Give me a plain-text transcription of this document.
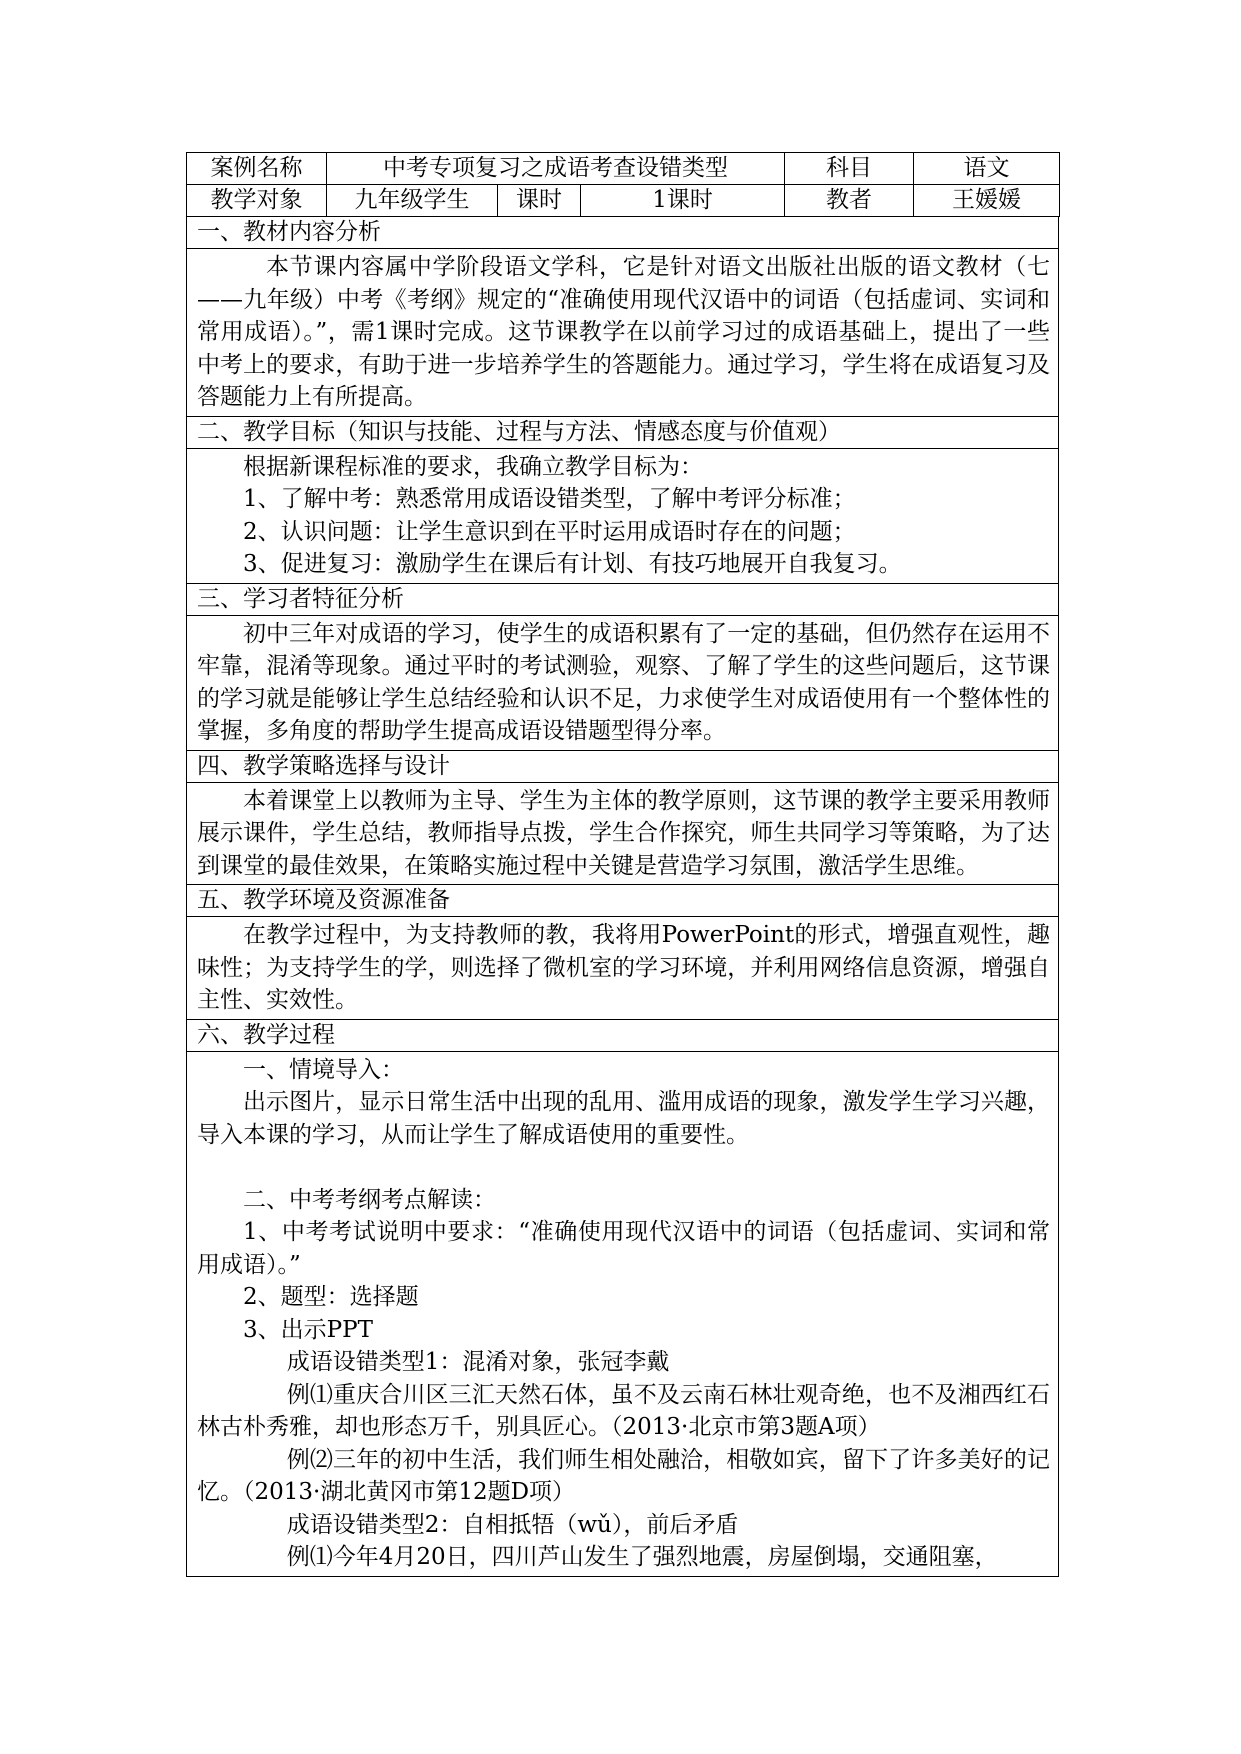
案例名称	中考专项复习之成语考查设错类型			科目	语文
教学对象	九年级学生	课时	1课时	教者	王媛媛
一、教材内容分析

本节课内容属中学阶段语文学科，它是针对语文出版社出版的语文教材（七——九年级）中考《考纲》规定的“准确使用现代汉语中的词语（包括虚词、实词和常用成语）。”，需1课时完成。这节课教学在以前学习过的成语基础上，提出了一些中考上的要求，有助于进一步培养学生的答题能力。通过学习，学生将在成语复习及答题能力上有所提高。

二、教学目标（知识与技能、过程与方法、情感态度与价值观）

根据新课程标准的要求，我确立教学目标为：

1、了解中考：熟悉常用成语设错类型，了解中考评分标准；

2、认识问题：让学生意识到在平时运用成语时存在的问题；

3、促进复习：激励学生在课后有计划、有技巧地展开自我复习。

三、学习者特征分析

初中三年对成语的学习，使学生的成语积累有了一定的基础，但仍然存在运用不牢靠，混淆等现象。通过平时的考试测验，观察、了解了学生的这些问题后，这节课的学习就是能够让学生总结经验和认识不足，力求使学生对成语使用有一个整体性的掌握，多角度的帮助学生提高成语设错题型得分率。

四、教学策略选择与设计

本着课堂上以教师为主导、学生为主体的教学原则，这节课的教学主要采用教师展示课件，学生总结，教师指导点拨，学生合作探究，师生共同学习等策略，为了达到课堂的最佳效果，在策略实施过程中关键是营造学习氛围，激活学生思维。

五、教学环境及资源准备

在教学过程中，为支持教师的教，我将用PowerPoint的形式，增强直观性，趣味性；为支持学生的学，则选择了微机室的学习环境，并利用网络信息资源，增强自主性、实效性。

六、教学过程

一、情境导入：

出示图片，显示日常生活中出现的乱用、滥用成语的现象，激发学生学习兴趣，导入本课的学习，从而让学生了解成语使用的重要性。

二、中考考纲考点解读：

1、中考考试说明中要求：“准确使用现代汉语中的词语（包括虚词、实词和常用成语）。”

2、题型：选择题

3、出示PPT

成语设错类型1：混淆对象，张冠李戴

例⑴重庆合川区三汇天然石体，虽不及云南石林壮观奇绝，也不及湘西红石林古朴秀雅，却也形态万千，别具匠心。（2013·北京市第3题A项）

例⑵三年的初中生活，我们师生相处融洽，相敬如宾，留下了许多美好的记忆。（2013·湖北黄冈市第12题D项）

成语设错类型2：自相抵牾（wǔ），前后矛盾

例⑴今年4月20日，四川芦山发生了强烈地震，房屋倒塌，交通阻塞，
